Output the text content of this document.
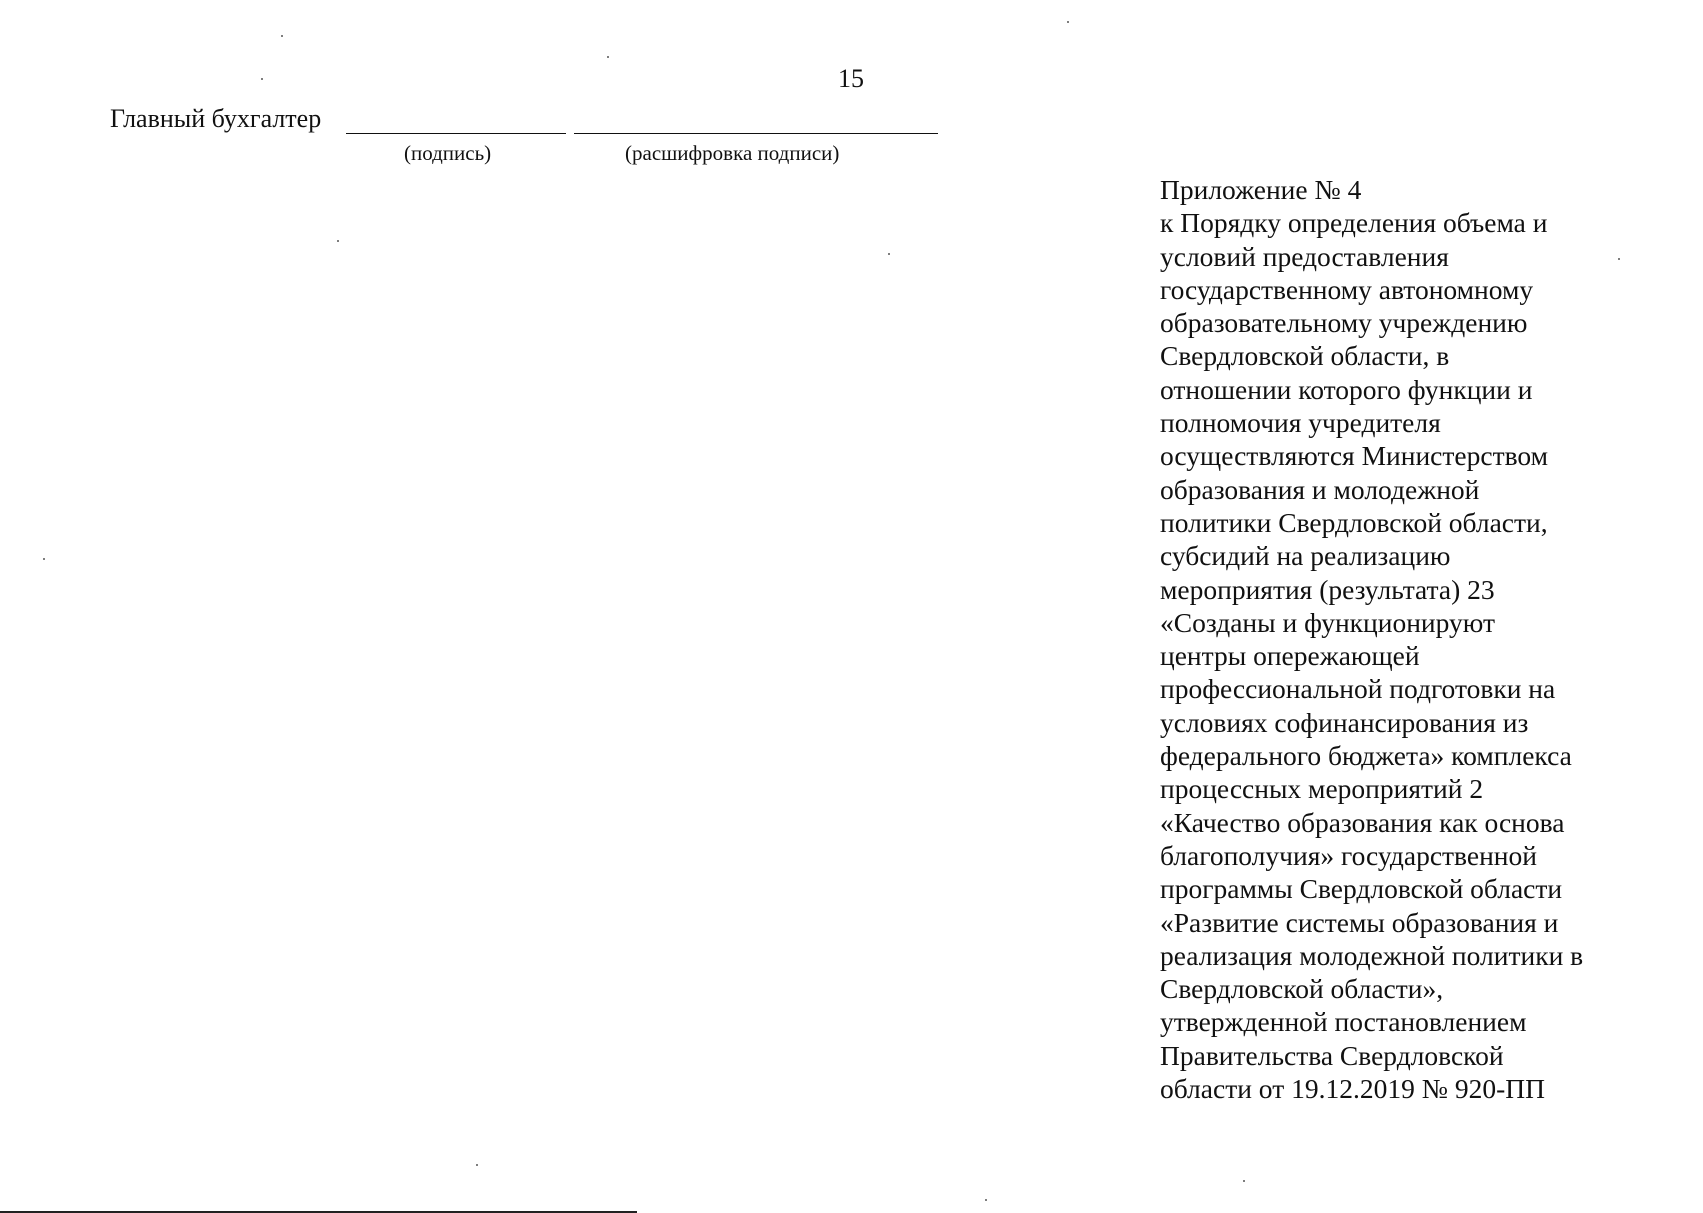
15
Главный бухгалтер
(подпись)	(расшифровка подписи)
Приложение № 4
к Порядку определения объема и
условий предоставления
государственному автономному
образовательному учреждению
Свердловской области, в
отношении которого функции и
полномочия учредителя
осуществляются Министерством
образования и молодежной
политики Свердловской области,
субсидий на реализацию
мероприятия (результата) 23
«Созданы и функционируют
центры опережающей
профессиональной подготовки на
условиях софинансирования из
федерального бюджета» комплекса
процессных мероприятий 2
«Качество образования как основа
благополучия» государственной
программы Свердловской области
«Развитие системы образования и
реализация молодежной политики в
Свердловской области»,
утвержденной постановлением
Правительства Свердловской
области от 19.12.2019 № 920-ПП
